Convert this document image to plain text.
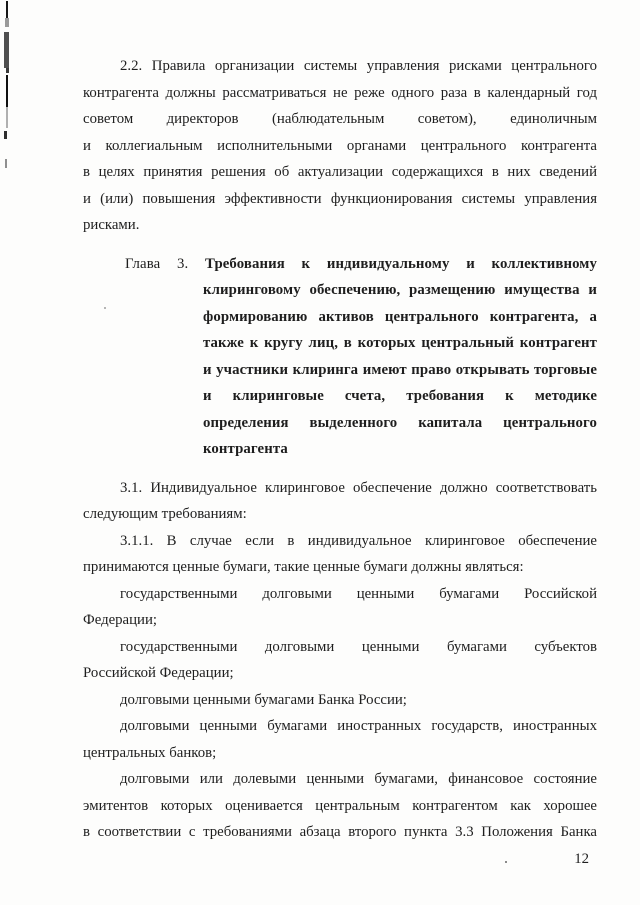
2.2. Правила организации системы управления рисками центрального
контрагента должны рассматриваться не реже одного раза в календарный год
советом директоров (наблюдательным советом), единоличным
и коллегиальным исполнительными органами центрального контрагента
в целях принятия решения об актуализации содержащихся в них сведений
и (или) повышения эффективности функционирования системы управления
рисками.
Глава 3. Требования к индивидуальному и коллективному
клиринговому обеспечению, размещению имущества и
формированию активов центрального контрагента, а
также к кругу лиц, в которых центральный контрагент
и участники клиринга имеют право открывать торговые
и клиринговые счета, требования к методике
определения выделенного капитала центрального
контрагента
3.1. Индивидуальное клиринговое обеспечение должно соответствовать
следующим требованиям:
3.1.1. В случае если в индивидуальное клиринговое обеспечение
принимаются ценные бумаги, такие ценные бумаги должны являться:
государственными долговыми ценными бумагами Российской
Федерации;
государственными долговыми ценными бумагами субъектов
Российской Федерации;
долговыми ценными бумагами Банка России;
долговыми ценными бумагами иностранных государств, иностранных
центральных банков;
долговыми или долевыми ценными бумагами, финансовое состояние
эмитентов которых оценивается центральным контрагентом как хорошее
в соответствии с требованиями абзаца второго пункта 3.3 Положения Банка
12
